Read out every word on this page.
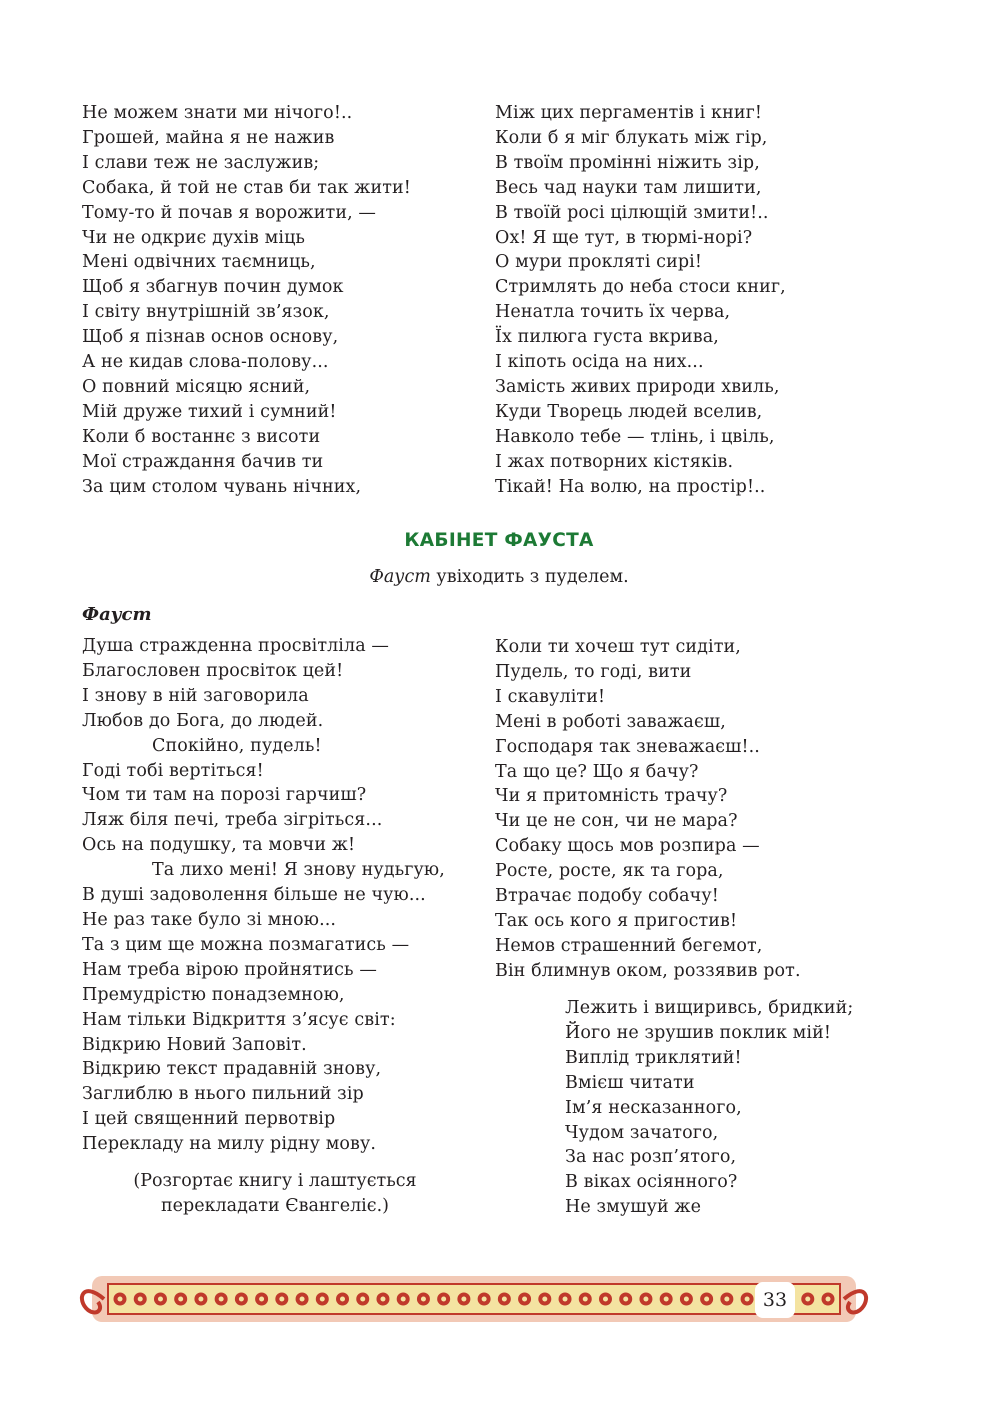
Не можем знати ми нічого!..
Грошей, майна я не нажив
І слави теж не заслужив;
Собака, й той не став би так жити!
Тому-то й почав я ворожити, —
Чи не одкриє духів міць
Мені одвічних таємниць,
Щоб я збагнув почин думок
І світу внутрішній зв’язок,
Щоб я пізнав основ основу,
А не кидав слова-полову...
О повний місяцю ясний,
Мій друже тихий і сумний!
Коли б востаннє з висоти
Мої страждання бачив ти
За цим столом чувань нічних,
Між цих пергаментів і книг!
Коли б я міг блукать між гір,
В твоїм промінні ніжить зір,
Весь чад науки там лишити,
В твоїй росі цілющій змити!..
Ох! Я ще тут, в тюрмі-норі?
О мури прокляті сирі!
Стримлять до неба стоси книг,
Ненатла точить їх черва,
Їх пилюга густа вкрива,
І кіпоть осіда на них...
Замість живих природи хвиль,
Куди Творець людей вселив,
Навколо тебе — тлінь, і цвіль,
І жах потворних кістяків.
Тікай! На волю, на простір!..
КАБІНЕТ ФАУСТА
Фауст увіходить з пуделем.
Фауст
Душа стражденна просвітліла —
Благословен просвіток цей!
І знову в ній заговорила
Любов до Бога, до людей.
Спокійно, пудель!
Годі тобі вертіться!
Чом ти там на порозі гарчиш?
Ляж біля печі, треба зігріться...
Ось на подушку, та мовчи ж!
Та лихо мені! Я знову нудьгую,
В душі задоволення більше не чую...
Не раз таке було зі мною...
Та з цим ще можна позмагатись —
Нам треба вірою пройнятись —
Премудрістю понадземною,
Нам тільки Відкриття з’ясує світ:
Відкрию Новий Заповіт.
Відкрию текст прадавній знову,
Заглиблю в нього пильний зір
І цей священний первотвір
Перекладу на милу рідну мову.
(Розгортає книгу і лаштується
перекладати Євангеліє.)
Коли ти хочеш тут сидіти,
Пудель, то годі, вити
І скавуліти!
Мені в роботі заважаєш,
Господаря так зневажаєш!..
Та що це? Що я бачу?
Чи я притомність трачу?
Чи це не сон, чи не мара?
Собаку щось мов розпира —
Росте, росте, як та гора,
Втрачає подобу собачу!
Так ось кого я пригостив!
Немов страшенний бегемот,
Він блимнув оком, роззявив рот.
Лежить і вищиривсь, бридкий;
Його не зрушив поклик мій!
Виплід триклятий!
Вмієш читати
Ім’я несказанного,
Чудом зачатого,
За нас розп’ятого,
В віках осіянного?
Не змушуй же
33
